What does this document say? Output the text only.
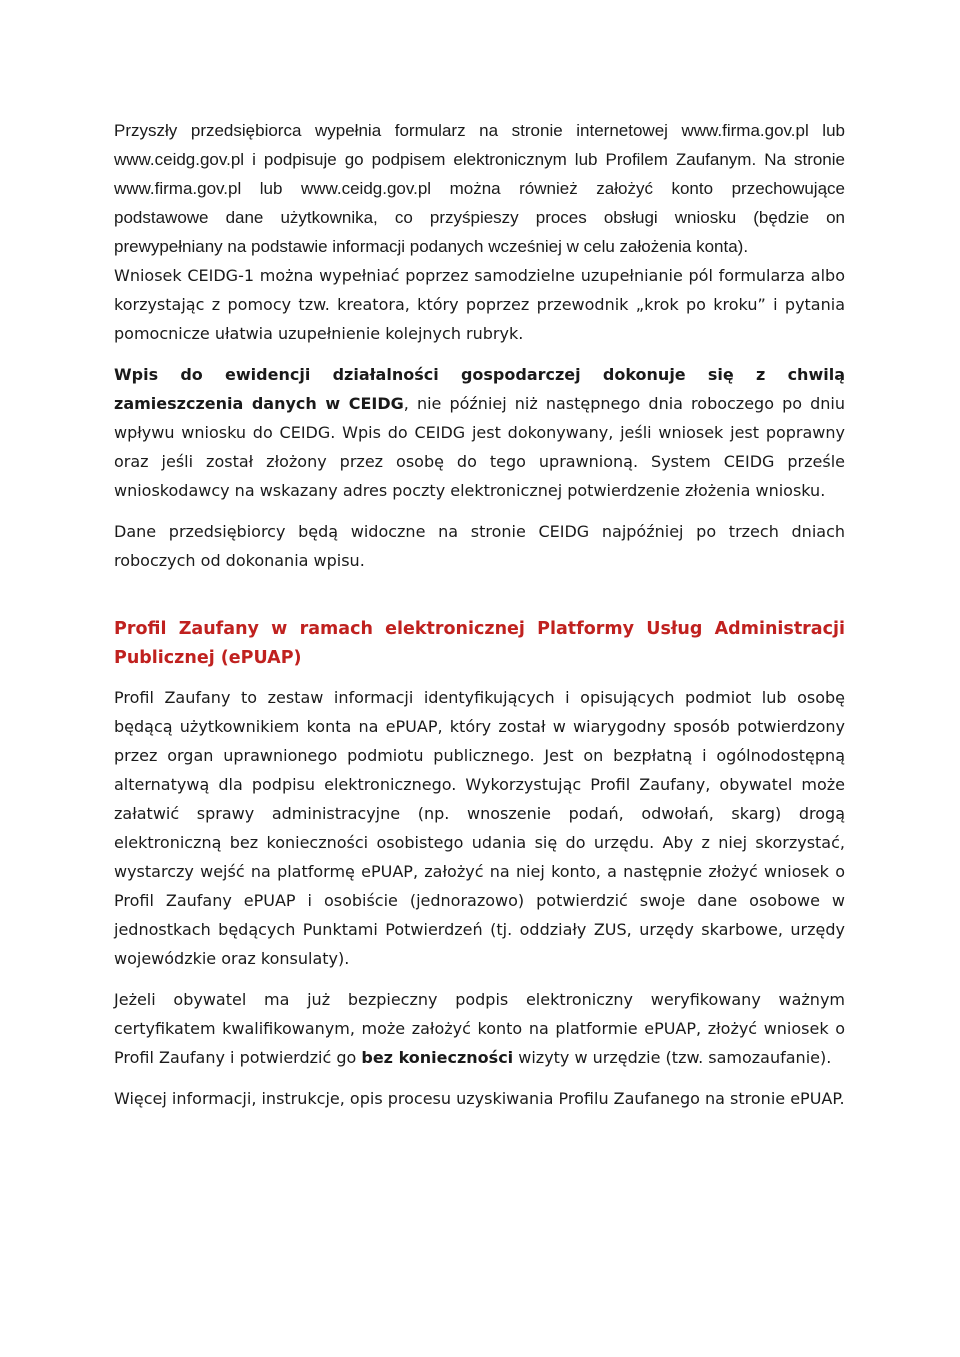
Przyszły przedsiębiorca wypełnia formularz na stronie internetowej www.firma.gov.pl lub www.ceidg.gov.pl i podpisuje go podpisem elektronicznym lub Profilem Zaufanym. Na stronie www.firma.gov.pl lub www.ceidg.gov.pl można również założyć konto przechowujące podstawowe dane użytkownika, co przyśpieszy proces obsługi wniosku (będzie on prewypełniany na podstawie informacji podanych wcześniej w celu założenia konta).

Wniosek CEIDG-1 można wypełniać poprzez samodzielne uzupełnianie pól formularza albo korzystając z pomocy tzw. kreatora, który poprzez przewodnik „krok po kroku” i pytania pomocnicze ułatwia uzupełnienie kolejnych rubryk.

Wpis do ewidencji działalności gospodarczej dokonuje się z chwilą zamieszczenia danych w CEIDG, nie później niż następnego dnia roboczego po dniu wpływu wniosku do CEIDG. Wpis do CEIDG jest dokonywany, jeśli wniosek jest poprawny oraz jeśli został złożony przez osobę do tego uprawnioną. System CEIDG prześle wnioskodawcy na wskazany adres poczty elektronicznej potwierdzenie złożenia wniosku.

Dane przedsiębiorcy będą widoczne na stronie CEIDG najpóźniej po trzech dniach roboczych od dokonania wpisu.

Profil Zaufany w ramach elektronicznej Platformy Usług Administracji Publicznej (ePUAP)

Profil Zaufany to zestaw informacji identyfikujących i opisujących podmiot lub osobę będącą użytkownikiem konta na ePUAP, który został w wiarygodny sposób potwierdzony przez organ uprawnionego podmiotu publicznego. Jest on bezpłatną i ogólnodostępną alternatywą dla podpisu elektronicznego. Wykorzystując Profil Zaufany, obywatel może załatwić sprawy administracyjne (np. wnoszenie podań, odwołań, skarg) drogą elektroniczną bez konieczności osobistego udania się do urzędu. Aby z niej skorzystać, wystarczy wejść na platformę ePUAP, założyć na niej konto, a następnie złożyć wniosek o Profil Zaufany ePUAP i osobiście (jednorazowo) potwierdzić swoje dane osobowe w jednostkach będących Punktami Potwierdzeń (tj. oddziały ZUS, urzędy skarbowe, urzędy wojewódzkie oraz konsulaty).

Jeżeli obywatel ma już bezpieczny podpis elektroniczny weryfikowany ważnym certyfikatem kwalifikowanym, może założyć konto na platformie ePUAP, złożyć wniosek o Profil Zaufany i potwierdzić go bez konieczności wizyty w urzędzie (tzw. samozaufanie).

Więcej informacji, instrukcje, opis procesu uzyskiwania Profilu Zaufanego na stronie ePUAP.
